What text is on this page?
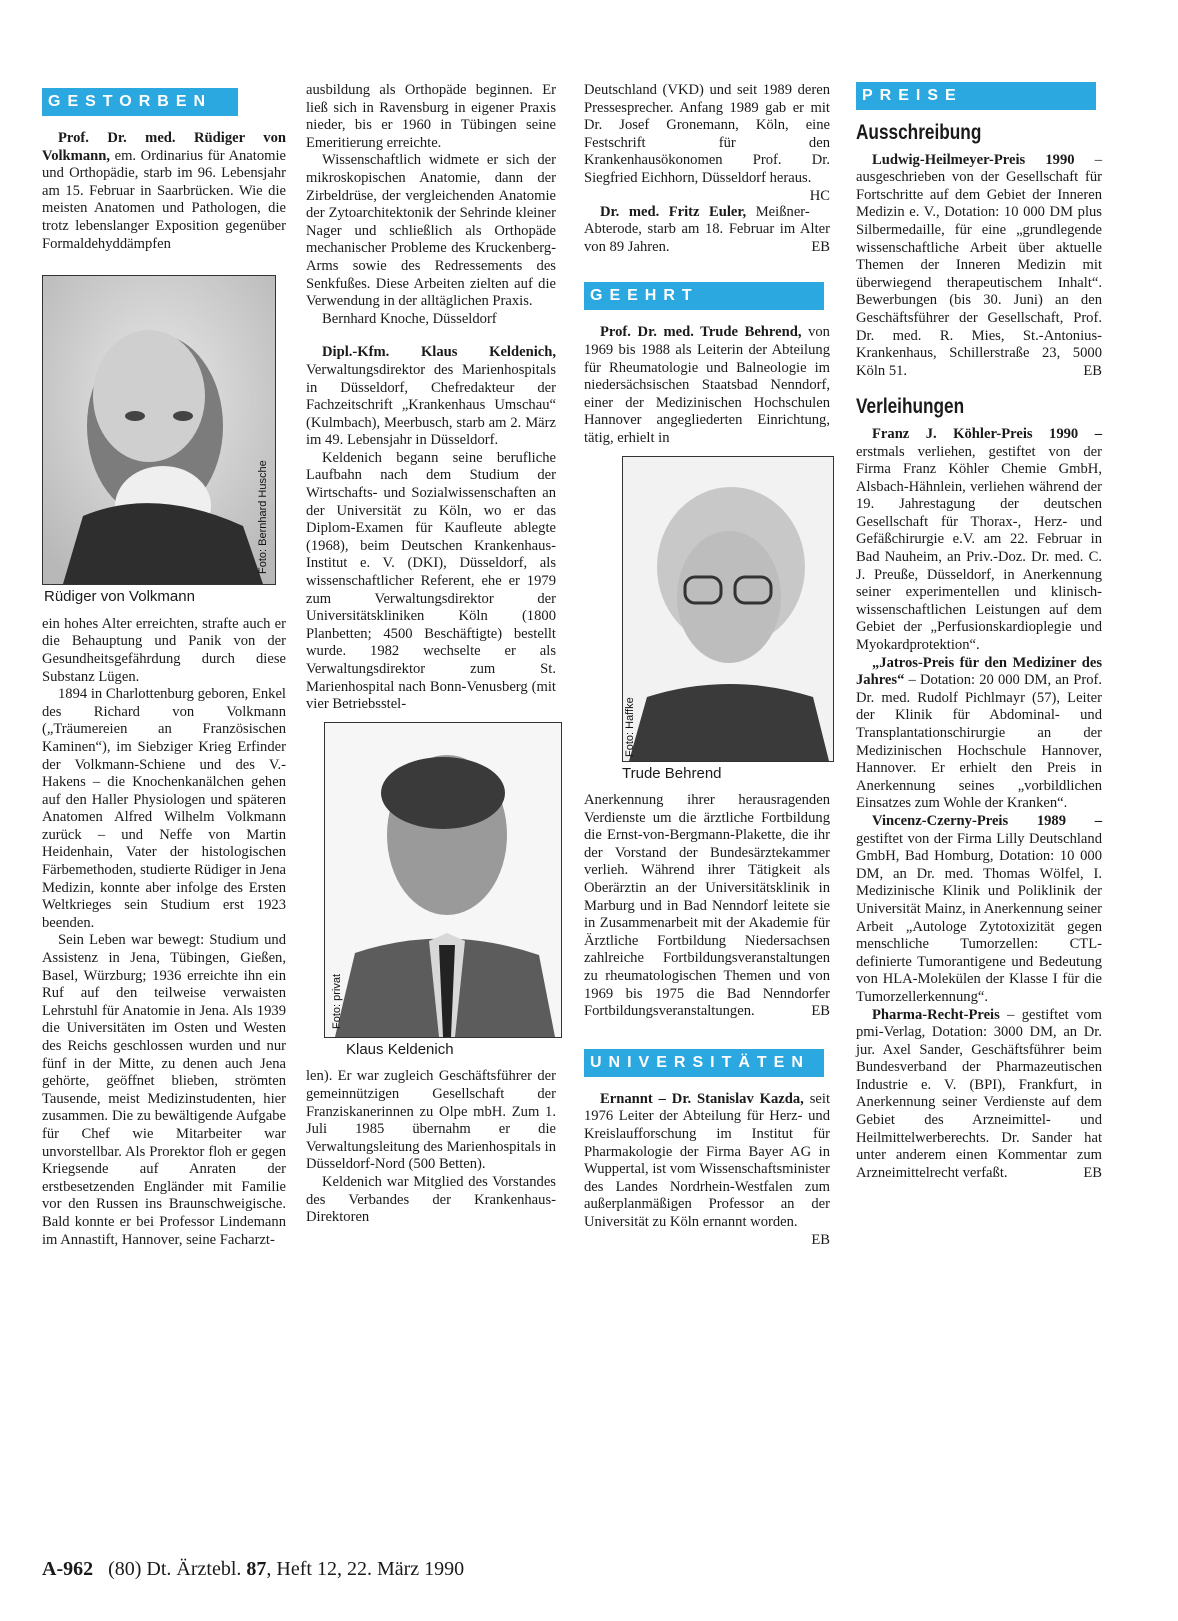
GESTORBEN

Prof. Dr. med. Rüdiger von Volkmann, em. Ordinarius für Anatomie und Orthopädie, starb im 96. Lebensjahr am 15. Februar in Saarbrücken. Wie die meisten Anatomen und Pathologen, die trotz lebenslanger Exposition gegenüber Formaldehyddämpfen

Foto: Bernhard Husche
Rüdiger von Volkmann

ein hohes Alter erreichten, strafte auch er die Behauptung und Panik von der Gesundheitsgefährdung durch diese Substanz Lügen.

1894 in Charlottenburg geboren, Enkel des Richard von Volkmann („Träumereien an Französischen Kaminen“), im Siebziger Krieg Erfinder der Volkmann-Schiene und des V.-Hakens – die Knochenkanälchen gehen auf den Haller Physiologen und späteren Anatomen Alfred Wilhelm Volkmann zurück – und Neffe von Martin Heidenhain, Vater der histologischen Färbemethoden, studierte Rüdiger in Jena Medizin, konnte aber infolge des Ersten Weltkrieges sein Studium erst 1923 beenden.

Sein Leben war bewegt: Studium und Assistenz in Jena, Tübingen, Gießen, Basel, Würzburg; 1936 erreichte ihn ein Ruf auf den teilweise verwaisten Lehrstuhl für Anatomie in Jena. Als 1939 die Universitäten im Osten und Westen des Reichs geschlossen wurden und nur fünf in der Mitte, zu denen auch Jena gehörte, geöffnet blieben, strömten Tausende, meist Medizinstudenten, hier zusammen. Die zu bewältigende Aufgabe für Chef wie Mitarbeiter war unvorstellbar. Als Prorektor floh er gegen Kriegsende auf Anraten der erstbesetzenden Engländer mit Familie vor den Russen ins Braunschweigische. Bald konnte er bei Professor Lindemann im Annastift, Hannover, seine Facharzt-

ausbildung als Orthopäde beginnen. Er ließ sich in Ravensburg in eigener Praxis nieder, bis er 1960 in Tübingen seine Emeritierung erreichte.

Wissenschaftlich widmete er sich der mikroskopischen Anatomie, dann der Zirbeldrüse, der vergleichenden Anatomie der Zytoarchitektonik der Sehrinde kleiner Nager und schließlich als Orthopäde mechanischer Probleme des Kruckenberg-Arms sowie des Redressements des Senkfußes. Diese Arbeiten zielten auf die Verwendung in der alltäglichen Praxis.

Bernhard Knoche, Düsseldorf

Dipl.-Kfm. Klaus Keldenich, Verwaltungsdirektor des Marienhospitals in Düsseldorf, Chefredakteur der Fachzeitschrift „Krankenhaus Umschau“ (Kulmbach), Meerbusch, starb am 2. März im 49. Lebensjahr in Düsseldorf.

Keldenich begann seine berufliche Laufbahn nach dem Studium der Wirtschafts- und Sozialwissenschaften an der Universität zu Köln, wo er das Diplom-Examen für Kaufleute ablegte (1968), beim Deutschen Krankenhaus-Institut e. V. (DKI), Düsseldorf, als wissenschaftlicher Referent, ehe er 1979 zum Verwaltungsdirektor der Universitätskliniken Köln (1800 Planbetten; 4500 Beschäftigte) bestellt wurde. 1982 wechselte er als Verwaltungsdirektor zum St. Marienhospital nach Bonn-Venusberg (mit vier Betriebsstel-

Foto: privat
Klaus Keldenich

len). Er war zugleich Geschäftsführer der gemeinnützigen Gesellschaft der Franziskanerinnen zu Olpe mbH. Zum 1. Juli 1985 übernahm er die Verwaltungsleitung des Marienhospitals in Düsseldorf-Nord (500 Betten).

Keldenich war Mitglied des Vorstandes des Verbandes der Krankenhaus-Direktoren

Deutschland (VKD) und seit 1989 deren Pressesprecher. Anfang 1989 gab er mit Dr. Josef Gronemann, Köln, eine Festschrift für den Krankenhausökonomen Prof. Dr. Siegfried Eichhorn, Düsseldorf heraus.
HC

Dr. med. Fritz Euler, Meißner-Abterode, starb am 18. Februar im Alter von 89 Jahren.	EB

GEEHRT

Prof. Dr. med. Trude Behrend, von 1969 bis 1988 als Leiterin der Abteilung für Rheumatologie und Balneologie im niedersächsischen Staatsbad Nenndorf, einer der Medizinischen Hochschulen Hannover angegliederten Einrichtung, tätig, erhielt in

Foto: Haffke
Trude Behrend

Anerkennung ihrer herausragenden Verdienste um die ärztliche Fortbildung die Ernst-von-Bergmann-Plakette, die ihr der Vorstand der Bundesärztekammer verlieh. Während ihrer Tätigkeit als Oberärztin an der Universitätsklinik in Marburg und in Bad Nenndorf leitete sie in Zusammenarbeit mit der Akademie für Ärztliche Fortbildung Niedersachsen zahlreiche Fortbildungsveranstaltungen zu rheumatologischen Themen und von 1969 bis 1975 die Bad Nenndorfer Fortbildungsveranstaltungen.	EB

UNIVERSITÄTEN

Ernannt – Dr. Stanislav Kazda, seit 1976 Leiter der Abteilung für Herz- und Kreislaufforschung im Institut für Pharmakologie der Firma Bayer AG in Wuppertal, ist vom Wissenschaftsminister des Landes Nordrhein-Westfalen zum außerplanmäßigen Professor an der Universität zu Köln ernannt worden.
EB

PREISE
Ausschreibung

Ludwig-Heilmeyer-Preis 1990 – ausgeschrieben von der Gesellschaft für Fortschritte auf dem Gebiet der Inneren Medizin e. V., Dotation: 10 000 DM plus Silbermedaille, für eine „grundlegende wissenschaftliche Arbeit über aktuelle Themen der Inneren Medizin mit überwiegend therapeutischem Inhalt“. Bewerbungen (bis 30. Juni) an den Geschäftsführer der Gesellschaft, Prof. Dr. med. R. Mies, St.-Antonius-Krankenhaus, Schillerstraße 23, 5000 Köln 51.	EB

Verleihungen

Franz J. Köhler-Preis 1990 – erstmals verliehen, gestiftet von der Firma Franz Köhler Chemie GmbH, Alsbach-Hähnlein, verliehen während der 19. Jahrestagung der deutschen Gesellschaft für Thorax-, Herz- und Gefäßchirurgie e.V. am 22. Februar in Bad Nauheim, an Priv.-Doz. Dr. med. C. J. Preuße, Düsseldorf, in Anerkennung seiner experimentellen und klinisch-wissenschaftlichen Leistungen auf dem Gebiet der „Perfusionskardioplegie und Myokardprotektion“.

„Jatros-Preis für den Mediziner des Jahres“ – Dotation: 20 000 DM, an Prof. Dr. med. Rudolf Pichlmayr (57), Leiter der Klinik für Abdominal- und Transplantationschirurgie an der Medizinischen Hochschule Hannover, Hannover. Er erhielt den Preis in Anerkennung seines „vorbildlichen Einsatzes zum Wohle der Kranken“.

Vincenz-Czerny-Preis 1989 – gestiftet von der Firma Lilly Deutschland GmbH, Bad Homburg, Dotation: 10 000 DM, an Dr. med. Thomas Wölfel, I. Medizinische Klinik und Poliklinik der Universität Mainz, in Anerkennung seiner Arbeit „Autologe Zytotoxizität gegen menschliche Tumorzellen: CTL-definierte Tumorantigene und Bedeutung von HLA-Molekülen der Klasse I für die Tumorzellerkennung“.

Pharma-Recht-Preis – gestiftet vom pmi-Verlag, Dotation: 3000 DM, an Dr. jur. Axel Sander, Geschäftsführer beim Bundesverband der Pharmazeutischen Industrie e. V. (BPI), Frankfurt, in Anerkennung seiner Verdienste auf dem Gebiet des Arzneimittel- und Heilmittelwerberechts. Dr. Sander hat unter anderem einen Kommentar zum Arzneimittelrecht verfaßt.	EB

A-962 (80) Dt. Ärztebl. 87, Heft 12, 22. März 1990
